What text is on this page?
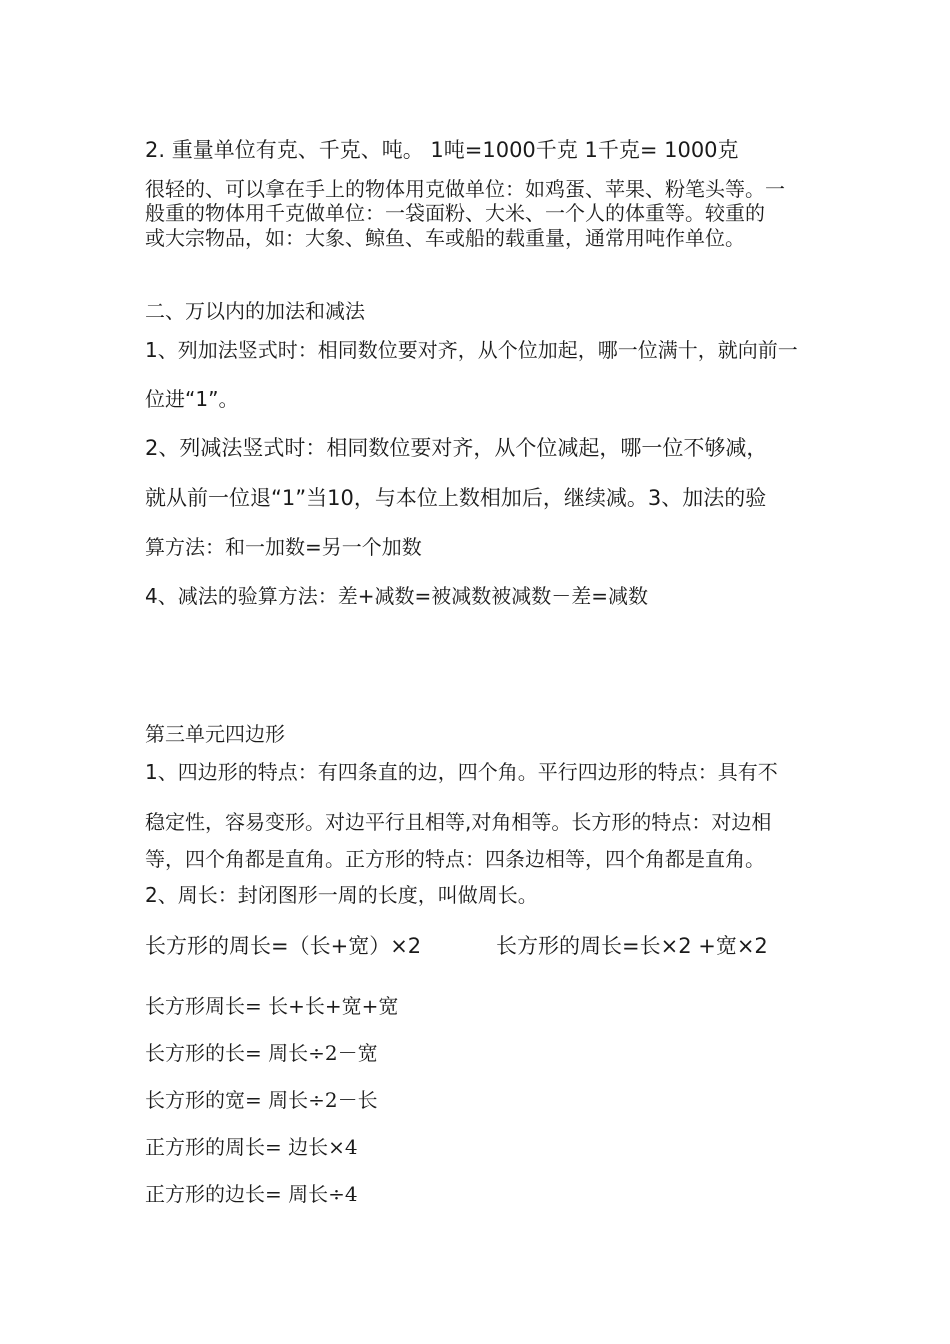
2. 重量单位有克、千克、吨。 1吨=1000千克 1千克= 1000克
很轻的、可以拿在手上的物体用克做单位：如鸡蛋、苹果、粉笔头等。一
般重的物体用千克做单位：一袋面粉、大米、一个人的体重等。较重的
或大宗物品，如：大象、鲸鱼、车或船的载重量，通常用吨作单位。
二、万以内的加法和减法
1、列加法竖式时：相同数位要对齐，从个位加起，哪一位满十，就向前一
位进“1”。
2、列减法竖式时：相同数位要对齐，从个位减起，哪一位不够减，
就从前一位退“1”当10，与本位上数相加后，继续减。3、加法的验
算方法：和一加数=另一个加数
4、减法的验算方法：差+减数=被减数被减数－差=减数
第三单元四边形
1、四边形的特点：有四条直的边，四个角。平行四边形的特点：具有不
稳定性，容易变形。对边平行且相等,对角相等。长方形的特点：对边相
等，四个角都是直角。正方形的特点：四条边相等，四个角都是直角。
2、周长：封闭图形一周的长度，叫做周长。
长方形的周长=（长+宽）×2	长方形的周长=长×2 +宽×2
长方形周长= 长+长+宽+宽
长方形的长= 周长÷2－宽
长方形的宽= 周长÷2－长
正方形的周长= 边长×4
正方形的边长= 周长÷4
